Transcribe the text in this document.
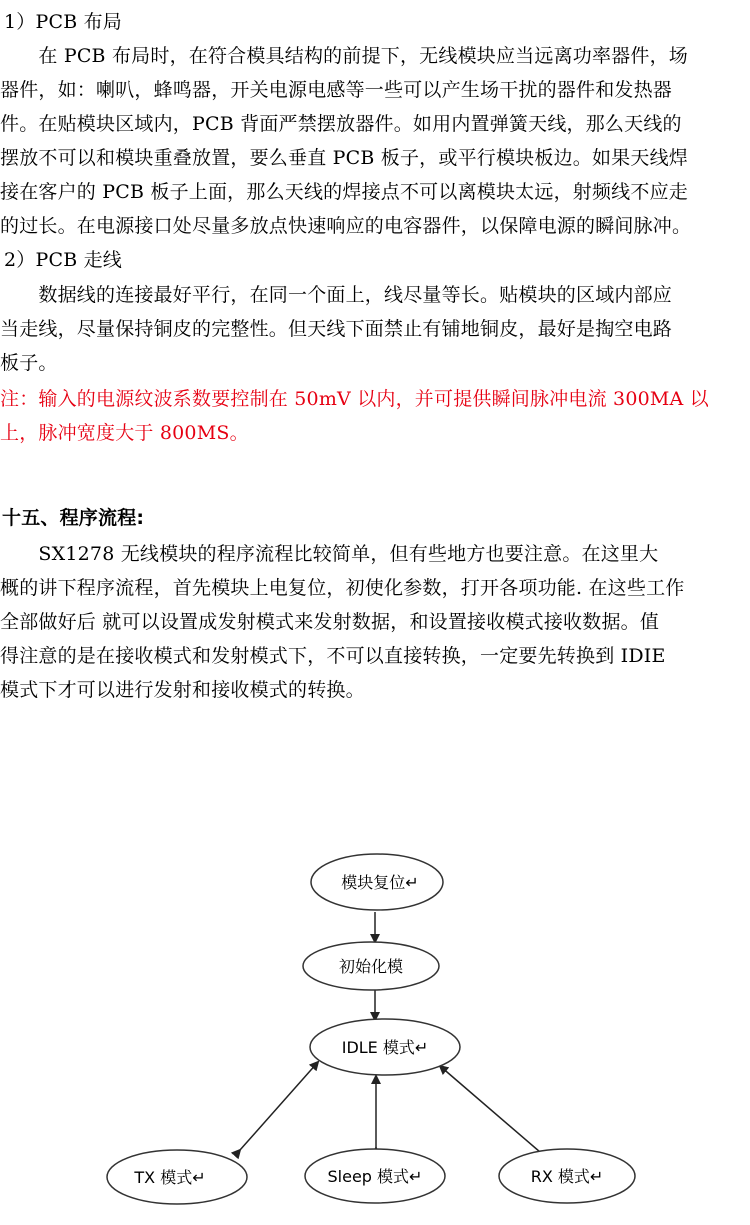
1）PCB 布局
　　在 PCB 布局时，在符合模具结构的前提下，无线模块应当远离功率器件，场
器件，如：喇叭，蜂鸣器，开关电源电感等一些可以产生场干扰的器件和发热器
件。在贴模块区域内，PCB 背面严禁摆放器件。如用内置弹簧天线，那么天线的
摆放不可以和模块重叠放置，要么垂直 PCB 板子，或平行模块板边。如果天线焊
接在客户的 PCB 板子上面，那么天线的焊接点不可以离模块太远，射频线不应走
的过长。在电源接口处尽量多放点快速响应的电容器件，以保障电源的瞬间脉冲。
2）PCB 走线
　　数据线的连接最好平行，在同一个面上，线尽量等长。贴模块的区域内部应
当走线，尽量保持铜皮的完整性。但天线下面禁止有铺地铜皮，最好是掏空电路
板子。
注：输入的电源纹波系数要控制在 50mV 以内，并可提供瞬间脉冲电流 300MA 以
上，脉冲宽度大于 800MS。
十五、程序流程:
　　SX1278 无线模块的程序流程比较简单，但有些地方也要注意。在这里大
概的讲下程序流程，首先模块上电复位，初使化参数，打开各项功能. 在这些工作
全部做好后 就可以设置成发射模式来发射数据，和设置接收模式接收数据。值
得注意的是在接收模式和发射模式下，不可以直接转换，一定要先转换到 IDIE
模式下才可以进行发射和接收模式的转换。
模块复位↵
初始化模
IDLE 模式↵
TX 模式↵	Sleep 模式↵	RX 模式↵
